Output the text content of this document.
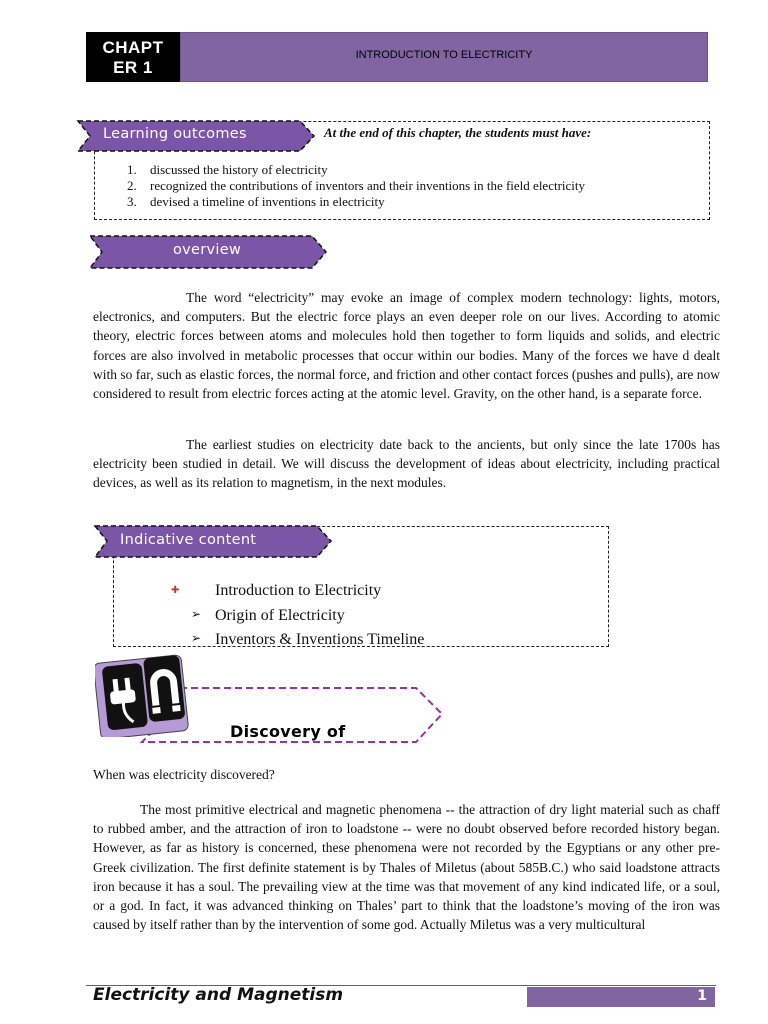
CHAPT
ER 1
INTRODUCTION TO ELECTRICITY
Learning outcomes	At the end of this chapter, the students must have:
1. discussed the history of electricity
2. recognized the contributions of inventors and their inventions in the field electricity
3. devised a timeline of inventions in electricity
overview

The word “electricity” may evoke an image of complex modern technology: lights, motors, electronics, and computers. But the electric force plays an even deeper role on our lives. According to atomic theory, electric forces between atoms and molecules hold then together to form liquids and solids, and electric forces are also involved in metabolic processes that occur within our bodies. Many of the forces we have d dealt with so far, such as elastic forces, the normal force, and friction and other contact forces (pushes and pulls), are now considered to result from electric forces acting at the atomic level. Gravity, on the other hand, is a separate force.

The earliest studies on electricity date back to the ancients, but only since the late 1700s has electricity been studied in detail. We will discuss the development of ideas about electricity, including practical devices, as well as its relation to magnetism, in the next modules.

Indicative content
✚ Introduction to Electricity
➢ Origin of Electricity
➢ Inventors & Inventions Timeline
Discovery of
When was electricity discovered?

The most primitive electrical and magnetic phenomena -- the attraction of dry light material such as chaff to rubbed amber, and the attraction of iron to loadstone -- were no doubt observed before recorded history began. However, as far as history is concerned, these phenomena were not recorded by the Egyptians or any other pre-Greek civilization. The first definite statement is by Thales of Miletus (about 585B.C.) who said loadstone attracts iron because it has a soul. The prevailing view at the time was that movement of any kind indicated life, or a soul, or a god. In fact, it was advanced thinking on Thales’ part to think that the loadstone’s moving of the iron was caused by itself rather than by the intervention of some god. Actually Miletus was a very multicultural

Electricity and Magnetism	1
